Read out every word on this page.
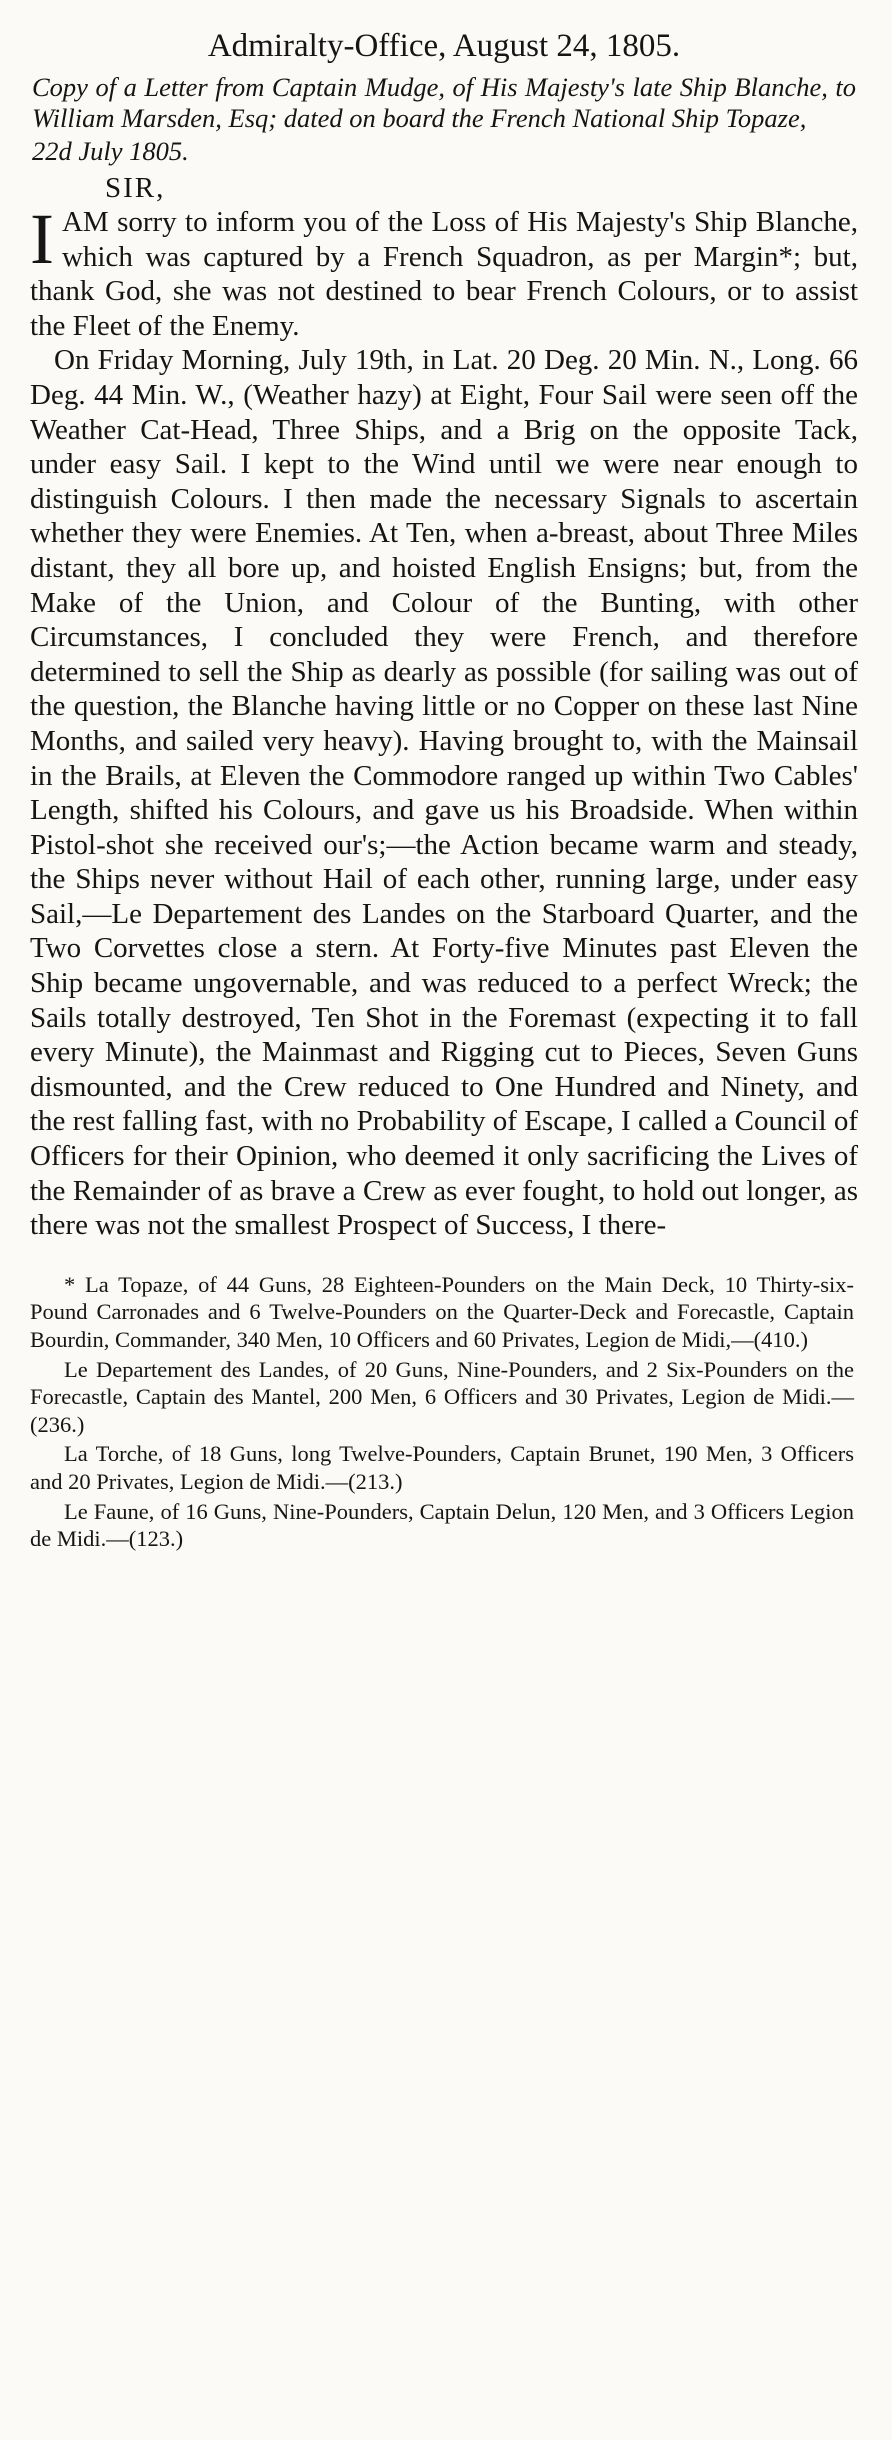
Admiralty-Office, August 24, 1805.
Copy of a Letter from Captain Mudge, of His Majesty's late Ship Blanche, to William Marsden, Esq; dated on board the French National Ship Topaze,
22d July 1805.
SIR,

I AM sorry to inform you of the Loss of His Majesty's Ship Blanche, which was captured by a French Squadron, as per Margin*; but, thank God, she was not destined to bear French Colours, or to assist the Fleet of the Enemy.

On Friday Morning, July 19th, in Lat. 20 Deg. 20 Min. N., Long. 66 Deg. 44 Min. W., (Weather hazy) at Eight, Four Sail were seen off the Weather Cat-Head, Three Ships, and a Brig on the opposite Tack, under easy Sail. I kept to the Wind until we were near enough to distinguish Colours. I then made the necessary Signals to ascertain whether they were Enemies. At Ten, when a-breast, about Three Miles distant, they all bore up, and hoisted English Ensigns; but, from the Make of the Union, and Colour of the Bunting, with other Circumstances, I concluded they were French, and therefore determined to sell the Ship as dearly as possible (for sailing was out of the question, the Blanche having little or no Copper on these last Nine Months, and sailed very heavy). Having brought to, with the Mainsail in the Brails, at Eleven the Commodore ranged up within Two Cables' Length, shifted his Colours, and gave us his Broadside. When within Pistol-shot she received our's;—the Action became warm and steady, the Ships never without Hail of each other, running large, under easy Sail,—Le Departement des Landes on the Starboard Quarter, and the Two Corvettes close a stern. At Forty-five Minutes past Eleven the Ship became ungovernable, and was reduced to a perfect Wreck; the Sails totally destroyed, Ten Shot in the Foremast (expecting it to fall every Minute), the Mainmast and Rigging cut to Pieces, Seven Guns dismounted, and the Crew reduced to One Hundred and Ninety, and the rest falling fast, with no Probability of Escape, I called a Council of Officers for their Opinion, who deemed it only sacrificing the Lives of the Remainder of as brave a Crew as ever fought, to hold out longer, as there was not the smallest Prospect of Success, I there-

* La Topaze, of 44 Guns, 28 Eighteen-Pounders on the Main Deck, 10 Thirty-six-Pound Carronades and 6 Twelve-Pounders on the Quarter-Deck and Forecastle, Captain Bourdin, Commander, 340 Men, 10 Officers and 60 Privates, Legion de Midi,—(410.)

Le Departement des Landes, of 20 Guns, Nine-Pounders, and 2 Six-Pounders on the Forecastle, Captain des Mantel, 200 Men, 6 Officers and 30 Privates, Legion de Midi.—(236.)

La Torche, of 18 Guns, long Twelve-Pounders, Captain Brunet, 190 Men, 3 Officers and 20 Privates, Legion de Midi.—(213.)

Le Faune, of 16 Guns, Nine-Pounders, Captain Delun, 120 Men, and 3 Officers Legion de Midi.—(123.)
